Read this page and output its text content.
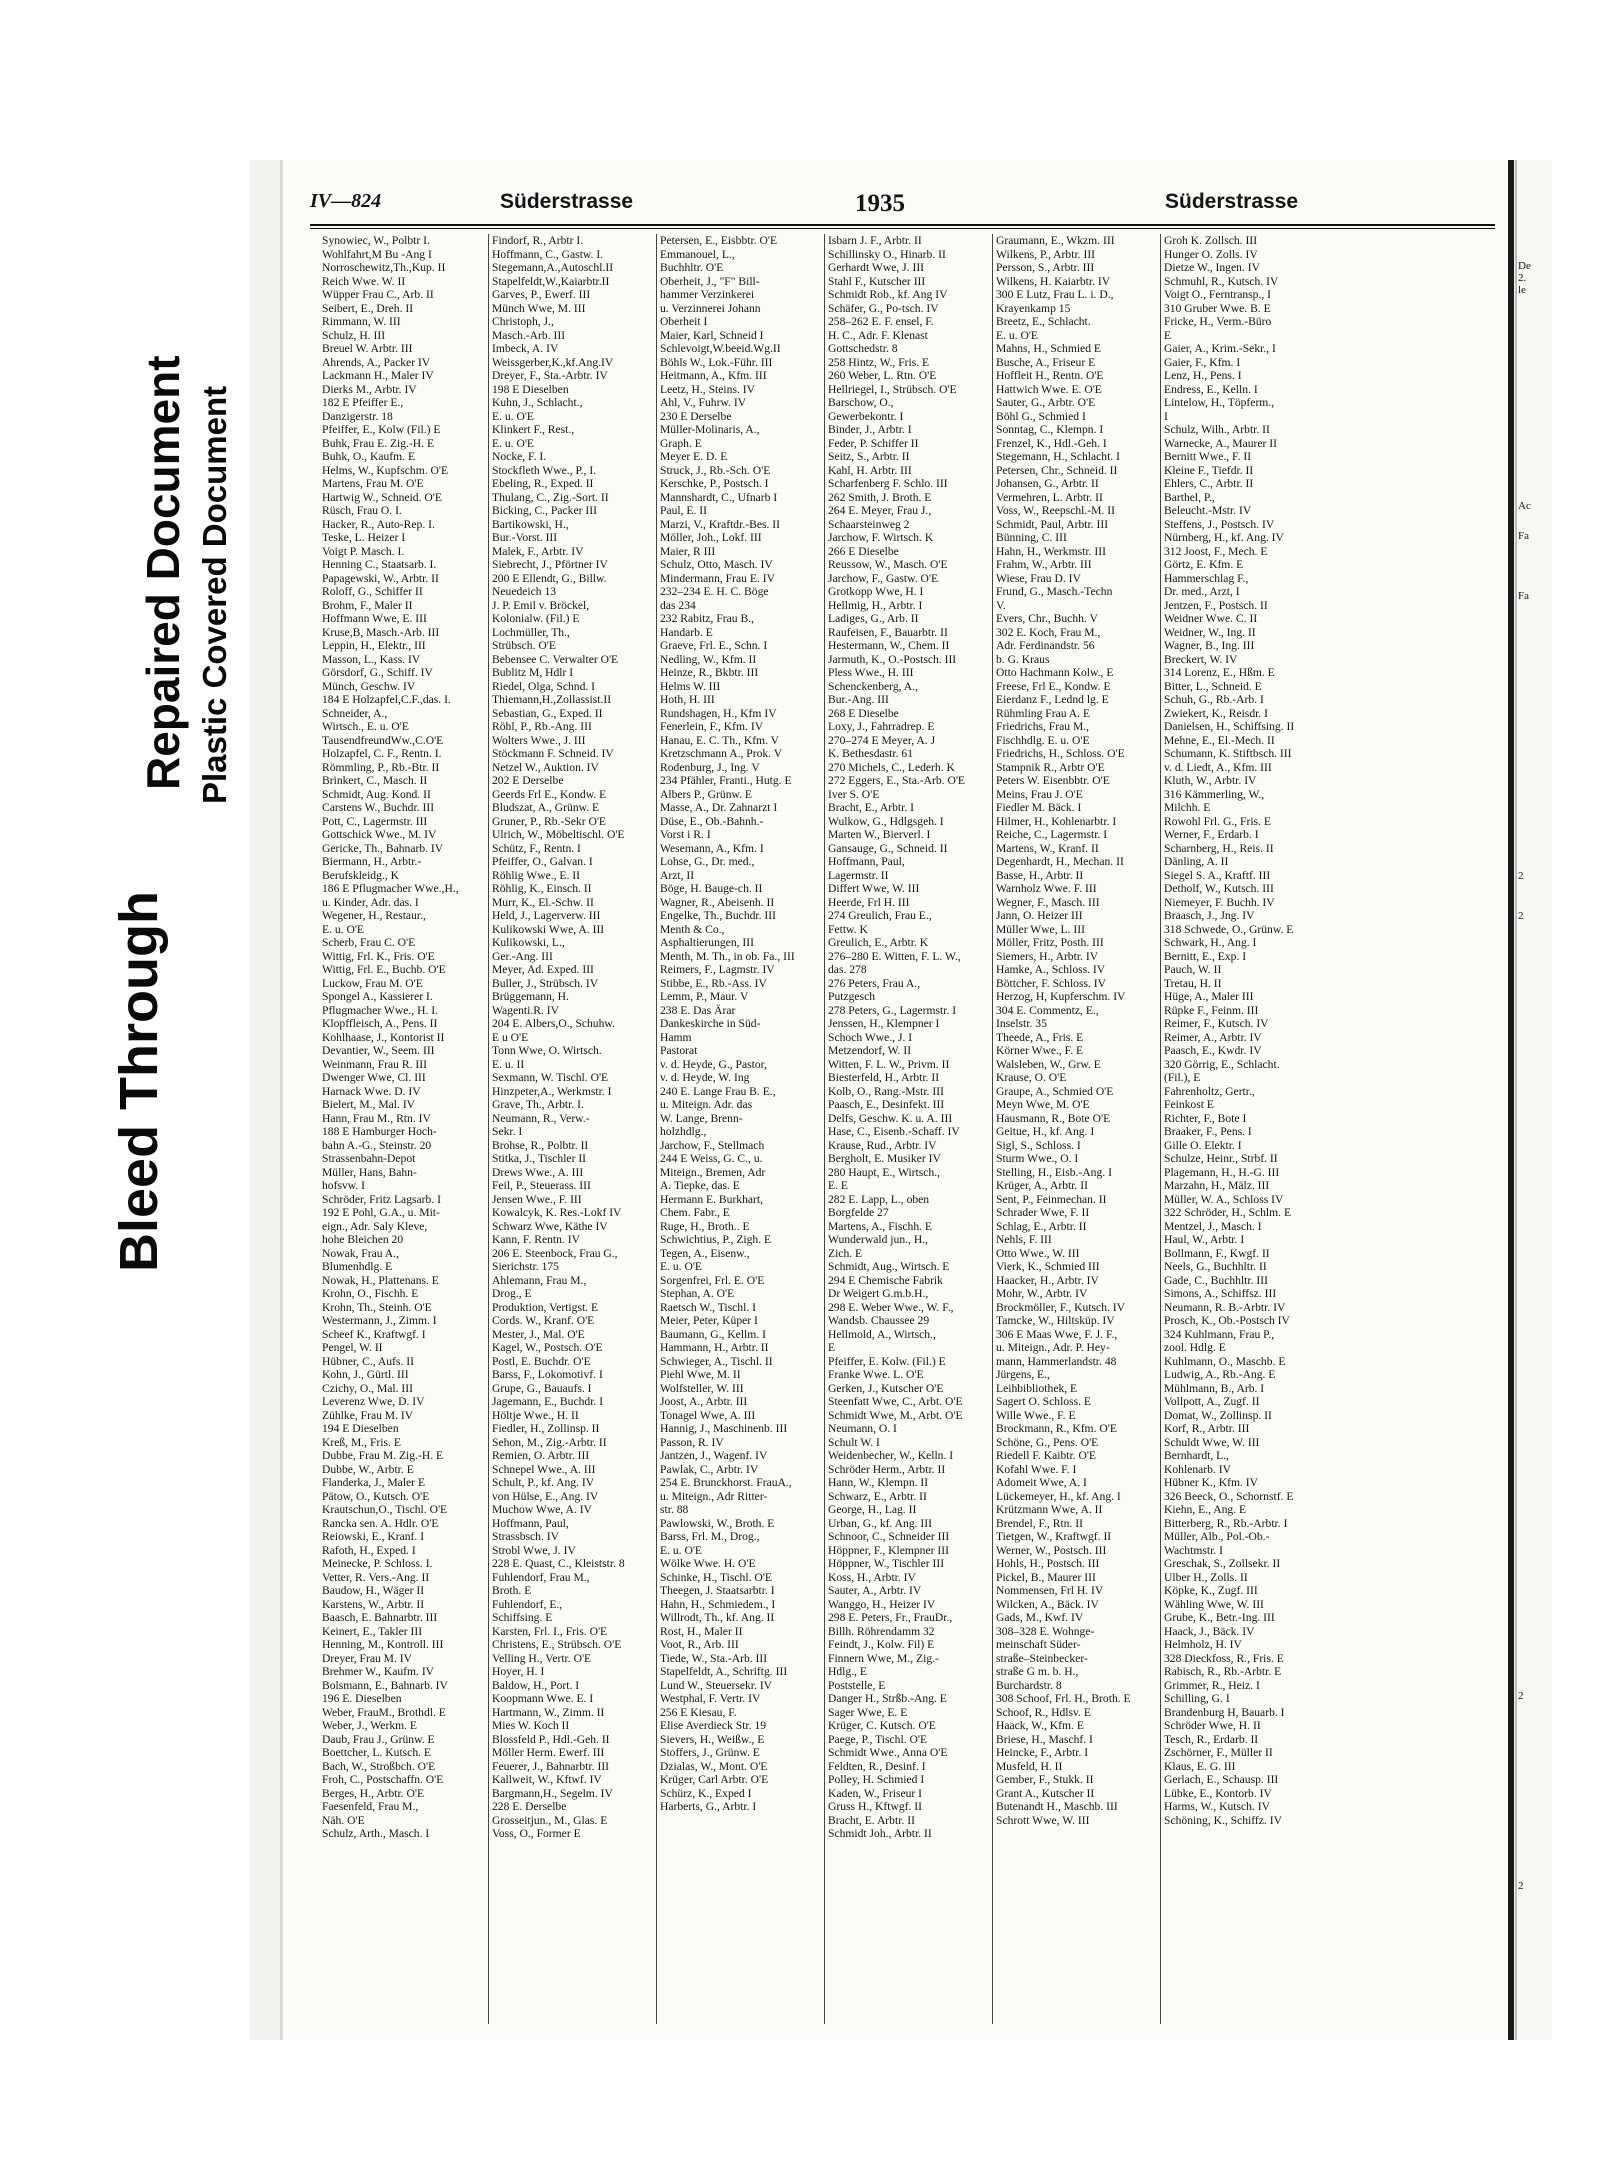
Bleed Through
Repaired Document Plastic Covered Document
De
2.
le
Ac
Fa
Fa
2
2
2
2
IV—824	Süderstrasse	1935	Süderstrasse
Synowiec, W., Polbtr I.
Wohlfahrt,M Bu -Ang I
Norroschewitz,Th.,Kup. II
Reich Wwe. W. II
Wüpper Frau C., Arb. II
Seibert, E., Dreh. II
Rimmann, W. III
Schulz, H. III
Breuel W. Arbtr. III
Ahrends, A., Packer IV
Lackmann H., Maler IV
Dierks M., Arbtr. IV
182 E Pfeiffer E.,
Danzigerstr. 18
Pfeiffer, E., Kolw (Fil.) E
Buhk, Frau E. Zig.-H. E
Buhk, O., Kaufm. E
Helms, W., Kupfschm. O'E
Martens, Frau M. O'E
Hartwig W., Schneid. O'E
Rüsch, Frau O. I.
Hacker, R., Auto-Rep. I.
Teske, L. Heizer I
Voigt P. Masch. I.
Henning C., Staatsarb. I.
Papagewski, W., Arbtr. II
Roloff, G., Schiffer II
Brohm, F., Maler II
Hoffmann Wwe, E. III
Kruse,B, Masch.-Arb. III
Leppin, H., Elektr., III
Masson, L., Kass. IV
Görsdorf, G., Schiff. IV
Münch, Geschw. IV
184 E Holzapfel,C.F.,das. I.
Schneider, A.,
Wirtsch., E. u. O'E
TausendfreundWw.,C.O'E
Holzapfel, C. F., Rentn. I.
Römmling, P., Rb.-Btr. II
Brinkert, C., Masch. II
Schmidt, Aug. Kond. II
Carstens W., Buchdr. III
Pott, C., Lagermstr. III
Gottschick Wwe., M. IV
Gericke, Th., Bahnarb. IV
Biermann, H., Arbtr.-
Berufskleidg., K
186 E Pflugmacher Wwe.,H.,
u. Kinder, Adr. das. I
Wegener, H., Restaur.,
E. u. O'E
Scherb, Frau C. O'E
Wittig, Frl. K., Fris. O'E
Wittig, Frl. E., Buchb. O'E
Luckow, Frau M. O'E
Spongel A., Kassierer I.
Pflugmacher Wwe., H. I.
Klopffleisch, A., Pens. II
Kohlhaase, J., Kontorist II
Devantier, W., Seem. III
Weinmann, Frau R. III
Dwenger Wwe, Cl. III
Harnack Wwe. D. IV
Bielert, M., Mal. IV
Hann, Frau M., Rtn. IV
188 E Hamburger Hoch-
bahn A.-G., Steinstr. 20
Strassenbahn-Depot
Müller, Hans, Bahn-
hofsvw. I
Schröder, Fritz Lagsarb. I
192 E Pohl, G.A., u. Mit-
eign., Adr. Saly Kleve,
hohe Bleichen 20
Nowak, Frau A.,
Blumenhdlg. E
Nowak, H., Plattenans. E
Krohn, O., Fischh. E
Krohn, Th., Steinh. O'E
Westermann, J., Zimm. I
Scheef K., Kraftwgf. I
Pengel, W. II
Hübner, C., Aufs. II
Kohn, J., Gürtl. III
Czichy, O., Mal. III
Leverenz Wwe, D. IV
Zühlke, Frau M. IV
194 E Dieselben
Kreß, M., Fris. E
Dubbe, Frau M. Zig.-H. E
Dubbe, W., Arbtr. E
Flanderka, J., Maler E
Pätow, O., Kutsch. O'E
Krautschun,O., Tischl. O'E
Rancka sen. A. Hdlr. O'E
Reiowski, E., Kranf. I
Rafoth, H., Exped. I
Meinecke, P. Schloss. I.
Vetter, R. Vers.-Ang. II
Baudow, H., Wäger II
Karstens, W., Arbtr. II
Baasch, E. Bahnarbtr. III
Keinert, E., Takler III
Henning, M., Kontroll. III
Dreyer, Frau M. IV
Brehmer W., Kaufm. IV
Bolsmann, E., Bahnarb. IV
196 E. Dieselben
Weber, FrauM., Brothdl. E
Weber, J., Werkm. E
Daub, Frau J., Grünw. E
Boettcher, L. Kutsch. E
Bach, W., Stroßbch. O'E
Froh, C., Postschaffn. O'E
Berges, H., Arbtr. O'E
Faesenfeld, Frau M.,
Näh. O'E
Schulz, Arth., Masch. I
Findorf, R., Arbtr I.
Hoffmann, C., Gastw. I.
Stegemann,A.,Autoschl.II
Stapelfeldt,W.,Kaiarbtr.II
Garves, P., Ewerf. III
Münch Wwe, M. III
Christoph, J.,
Masch.-Arb. III
Imbeck, A. IV
Weissgerber,K.,kf.Ang.IV
Dreyer, F., Sta.-Arbtr. IV
198 E Dieselben
Kuhn, J., Schlacht.,
E. u. O'E
Klinkert F., Rest.,
E. u. O'E
Nocke, F. I.
Stockfleth Wwe., P., I.
Ebeling, R., Exped. II
Thulang, C., Zig.-Sort. II
Bicking, C., Packer III
Bartikowski, H.,
Bur.-Vorst. III
Malek, F., Arbtr. IV
Siebrecht, J., Pförtner IV
200 E Ellendt, G., Billw.
Neuedeich 13
J. P. Emil v. Bröckel,
Kolonialw. (Fil.) E
Lochmüller, Th.,
Strübsch. O'E
Bebensee C. Verwalter O'E
Bublitz M, Hdlr I
Riedel, Olga, Schnd. I
Thiemann,H.,Zollassist.II
Sebastian, G., Exped. II
Röhl, P., Rb.-Ang. III
Wolters Wwe., J. III
Stöckmann F. Schneid. IV
Netzel W., Auktion. IV
202 E Derselbe
Geerds Frl E., Kondw. E
Bludszat, A., Grünw. E
Gruner, P., Rb.-Sekr O'E
Ulrich, W., Möbeltischl. O'E
Schütz, F., Rentn. I
Pfeiffer, O., Galvan. I
Röhlig Wwe., E. II
Röhlig, K., Einsch. II
Murr, K., El.-Schw. II
Held, J., Lagerverw. III
Kulikowski Wwe, A. III
Kulikowski, L.,
Ger.-Ang. III
Meyer, Ad. Exped. III
Buller, J., Strübsch. IV
Brüggemann, H.
Wagenti.R. IV
204 E. Albers,O., Schuhw.
E u O'E
Tonn Wwe, O. Wirtsch.
E. u. II
Sexmann, W. Tischl. O'E
Hinzpeter,A., Werkmstr. I
Grave, Th., Arbtr. I.
Neumann, R., Verw.-
Sekr. I
Brohse, R., Polbtr. II
Stitka, J., Tischler II
Drews Wwe., A. III
Feil, P., Steuerass. III
Jensen Wwe., F. III
Kowalcyk, K. Res.-Lokf IV
Schwarz Wwe, Käthe IV
Kann, F. Rentn. IV
206 E. Steenbock, Frau G.,
Sierichstr. 175
Ahlemann, Frau M.,
Drog., E
Produktion, Vertigst. E
Cords. W., Kranf. O'E
Mester, J., Mal. O'E
Kagel, W., Postsch. O'E
Postl, E. Buchdr. O'E
Barss, F., Lokomotivf. I
Grupe, G., Bauaufs. I
Jagemann, E., Buchdr. I
Höltje Wwe., H. II
Fiedler, H., Zollinsp. II
Sehon, M., Zig.-Arbtr. II
Remien, O. Arbtr. III
Schnepel Wwe., A. III
Schult, P., kf. Ang. IV
von Hülse, E., Ang. IV
Muchow Wwe, A. IV
Hoffmann, Paul,
Strassbsch. IV
Strobl Wwe, J. IV
228 E. Quast, C., Kleiststr. 8
Fuhlendorf, Frau M.,
Broth. E
Fuhlendorf, E.,
Schiffsing. E
Karsten, Frl. I., Fris. O'E
Christens, E., Strübsch. O'E
Velling H., Vertr. O'E
Hoyer, H. I
Baldow, H., Port. I
Koopmann Wwe. E. I
Hartmann, W., Zimm. II
Mies W. Koch II
Blossfeld P., Hdl.-Geh. II
Möller Herm. Ewerf. III
Feuerer, J., Bahnarbtr. III
Kallweit, W., Kftwf. IV
Bargmann,H., Segelm. IV
228 E. Derselbe
Grosseitjun., M., Glas. E
Voss, O., Former E
Petersen, E., Eisbbtr. O'E
Emmanouel, L.,
Buchhltr. O'E
Oberheit, J., "F" Bill-
hammer Verzinkerei
u. Verzinnerei Johann
Oberheit I
Maier, Karl, Schneid I
Schlevoigt,W.beeid.Wg.II
Böhls W., Lok.-Führ. III
Heitmann, A., Kfm. III
Leetz, H., Steins. IV
Ahl, V., Fuhrw. IV
230 E Derselbe
Müller-Molinaris, A.,
Graph. E
Meyer E. D. E
Struck, J., Rb.-Sch. O'E
Kerschke, P., Postsch. I
Mannshardt, C., Ufnarb I
Paul, E. II
Marzi, V., Kraftdr.-Bes. II
Möller, Joh., Lokf. III
Maier, R III
Schulz, Otto, Masch. IV
Mindermann, Frau E. IV
232–234 E. H. C. Böge
das 234
232 Rabitz, Frau B.,
Handarb. E
Graeve, Frl. E., Schn. I
Nedling, W., Kfm. II
Heinze, R., Bkbtr. III
Helms W. III
Hoth, H. III
Rundshagen, H., Kfm IV
Fenerlein, F., Kfm. IV
Hanau, E. C. Th., Kfm. V
Kretzschmann A., Prok. V
Rodenburg, J., Ing. V
234 Pfähler, Franti., Hutg. E
Albers P., Grünw. E
Masse, A., Dr. Zahnarzt I
Düse, E., Ob.-Bahnh.-
Vorst i R. I
Wesemann, A., Kfm. I
Lohse, G., Dr. med.,
Arzt, II
Böge, H. Bauge-ch. II
Wagner, R., Abeisenh. II
Engelke, Th., Buchdr. III
Menth & Co.,
Asphaltierungen, III
Menth, M. Th., in ob. Fa., III
Reimers, F., Lagmstr. IV
Stibbe, E., Rb.-Ass. IV
Lemm, P., Maur. V
238 E. Das Ärar
Dankeskirche in Süd-
Hamm
Pastorat
v. d. Heyde, G., Pastor,
v. d. Heyde, W. Ing
240 E. Lange Frau B. E.,
u. Miteign. Adr. das
W. Lange, Brenn-
holzhdlg.,
Jarchow, F., Stellmach
244 E Weiss, G. C., u.
Miteign., Bremen, Adr
A. Tiepke, das. E
Hermann E. Burkhart,
Chem. Fabr., E
Ruge, H., Broth.. E
Schwichtius, P., Zigh. E
Tegen, A., Eisenw.,
E. u. O'E
Sorgenfrei, Frl. E. O'E
Stephan, A. O'E
Raetsch W., Tischl. I
Meier, Peter, Küper I
Baumann, G., Kellm. I
Hammann, H., Arbtr. II
Schwieger, A., Tischl. II
Piehl Wwe, M. II
Wolfsteller, W. III
Joost, A., Arbtr. III
Tonagel Wwe, A. III
Hannig, J., Maschinenb. III
Passon, R. IV
Jantzen, J., Wagenf. IV
Pawlak, C., Arbtr. IV
254 E. Brunckhorst. FrauA.,
u. Miteign., Adr Ritter-
str. 88
Pawlowski, W., Broth. E
Barss, Frl. M., Drog.,
E. u. O'E
Wölke Wwe. H. O'E
Schinke, H., Tischl. O'E
Theegen, J. Staatsarbtr. I
Hahn, H., Schmiedem., I
Willrodt, Th., kf. Ang. II
Rost, H., Maler II
Voot, R., Arb. III
Tiede, W., Sta.-Arb. III
Stapelfeldt, A., Schriftg. III
Lund W., Steuersekr. IV
Westphal, F. Vertr. IV
256 E Kiesau, F.
Elise Averdieck Str. 19
Sievers, H., Weißw., E
Stoffers, J., Grünw. E
Dzialas, W., Mont. O'E
Krüger, Carl Arbtr. O'E
Schürz, K., Exped I
Harberts, G., Arbtr. I
Isbarn J. F., Arbtr. II
Schillinsky O., Hinarb. II
Gerhardt Wwe, J. III
Stahl F., Kutscher III
Schmidt Rob., kf. Ang IV
Schäfer, G., Po-tsch. IV
258–262 E. F. ensel, F.
H. C., Adr. F. Klenast
Gottschedstr. 8
258 Hintz, W., Fris. E
260 Weber, L. Rtn. O'E
Hellriegel, I., Strübsch. O'E
Barschow, O.,
Gewerbekontr. I
Binder, J., Arbtr. I
Feder, P. Schiffer II
Seitz, S., Arbtr. II
Kahl, H. Arbtr. III
Scharfenberg F. Schlo. III
262 Smith, J. Broth. E
264 E. Meyer, Frau J.,
Schaarsteinweg 2
Jarchow, F. Wirtsch. K
266 E Dieselbe
Reussow, W., Masch. O'E
Jarchow, F., Gastw. O'E
Grotkopp Wwe, H. I
Hellmig, H., Arbtr. I
Ladiges, G., Arb. II
Raufeisen, F., Bauarbtr. II
Hestermann, W., Chem. II
Jarmuth, K., O.-Postsch. III
Pless Wwe., H. III
Schenckenberg, A.,
Bur.-Ang. III
268 E Dieselbe
Loxy, J., Fahrradrep. E
270–274 E Meyer, A. J
K. Bethesdastr. 61
270 Michels, C., Lederh. K
272 Eggers, E., Sta.-Arb. O'E
Iver S. O'E
Bracht, E., Arbtr. I
Wulkow, G., Hdlgsgeh. I
Marten W., Bierverl. I
Gansauge, G., Schneid. II
Hoffmann, Paul,
Lagermstr. II
Differt Wwe, W. III
Heerde, Frl H. III
274 Greulich, Frau E.,
Fettw. K
Greulich, E., Arbtr. K
276–280 E. Witten, F. L. W.,
das. 278
276 Peters, Frau A.,
Putzgesch
278 Peters, G., Lagermstr. I
Jenssen, H., Klempner I
Schoch Wwe., J. I
Metzendorf, W. II
Witten, F. L. W., Privm. II
Biesterfeld, H., Arbtr. II
Kolb, O., Rang.-Mstr. III
Paasch, E., Desinfekt. III
Delfs, Geschw. K. u. A. III
Hase, C., Eisenb.-Schaff. IV
Krause, Rud., Arbtr. IV
Bergholt, E. Musiker IV
280 Haupt, E., Wirtsch.,
E. E
282 E. Lapp, L., oben
Borgfelde 27
Martens, A., Fischh. E
Wunderwald jun., H.,
Zich. E
Schmidt, Aug., Wirtsch. E
294 E Chemische Fabrik
Dr Weigert G.m.b.H.,
298 E. Weber Wwe., W. F.,
Wandsb. Chaussee 29
Hellmold, A., Wirtsch.,
E
Pfeiffer, E. Kolw. (Fil.) E
Franke Wwe. L. O'E
Gerken, J., Kutscher O'E
Steenfatt Wwe, C., Arbt. O'E
Schmidt Wwe, M., Arbt. O'E
Neumann, O. I
Schult W. I
Weidenbecher, W., Kelln. I
Schröder Herm., Arbtr. II
Hann, W., Klempn. II
Schwarz, E., Arbtr. II
George, H., Lag. II
Urban, G., kf. Ang. III
Schnoor, C., Schneider III
Höppner, F., Klempner III
Höppner, W., Tischler III
Koss, H., Arbtr. IV
Sauter, A., Arbtr. IV
Wanggo, H., Heizer IV
298 E. Peters, Fr., FrauDr.,
Billh. Röhrendamm 32
Feindt, J., Kolw. Fil) E
Finnern Wwe, M., Zig.-
Hdlg., E
Poststelle, E
Danger H., Strßb.-Ang. E
Sager Wwe, E. E
Krüger, C. Kutsch. O'E
Paege, P., Tischl. O'E
Schmidt Wwe., Anna O'E
Feldten, R., Desinf. I
Polley, H. Schmied I
Kaden, W., Friseur I
Gruss H., Kftwgf. II
Bracht, E. Arbtr. II
Schmidt Joh., Arbtr. II
Graumann, E., Wkzm. III
Wilkens, P., Arbtr. III
Persson, S., Arbtr. III
Wilkens, H. Kaiarbtr. IV
300 E Lutz, Frau L. i. D.,
Krayenkamp 15
Breetz, E., Schlacht.
E. u. O'E
Mahns, H., Schmied E
Busche, A., Friseur E
Hoffleit H., Rentn. O'E
Hattwich Wwe. E. O'E
Sauter, G., Arbtr. O'E
Böhl G., Schmied I
Sonntag, C., Klempn. I
Frenzel, K., Hdl.-Geh. I
Stegemann, H., Schlacht. I
Petersen, Chr., Schneid. II
Johansen, G., Arbtr. II
Vermehren, L. Arbtr. II
Voss, W., Reepschl.-M. II
Schmidt, Paul, Arbtr. III
Bünning, C. III
Hahn, H., Werkmstr. III
Frahm, W., Arbtr. III
Wiese, Frau D. IV
Frund, G., Masch.-Techn
V.
Evers, Chr., Buchh. V
302 E. Koch, Frau M.,
Adr. Ferdinandstr. 56
b. G. Kraus
Otto Hachmann Kolw., E
Freese, Frl E., Kondw. E
Eierdanz F., Lednd lg. E
Rühmling Frau A. E
Friedrichs, Frau M.,
Fischhdlg. E. u. O'E
Friedrichs, H., Schloss. O'E
Stampnik R., Arbtr O'E
Peters W. Eisenbbtr. O'E
Meins, Frau J. O'E
Fiedler M. Bäck. I
Hilmer, H., Kohlenarbtr. I
Reiche, C., Lagermstr. I
Martens, W., Kranf. II
Degenhardt, H., Mechan. II
Basse, H., Arbtr. II
Warnholz Wwe. F. III
Wegner, F., Masch. III
Jann, O. Heizer III
Müller Wwe, L. III
Möller, Fritz, Posth. III
Siemers, H., Arbtr. IV
Hamke, A., Schloss. IV
Böttcher, F. Schloss. IV
Herzog, H, Kupferschm. IV
304 E. Commentz, E.,
Inselstr. 35
Theede, A., Fris. E
Körner Wwe., F. E
Walsleben, W., Grw. E
Krause, O. O'E
Graupe, A., Schmied O'E
Meyn Wwe, M. O'E
Hausmann, R., Bote O'E
Geitue, H., kf. Ang. I
Sigl, S., Schloss. I
Sturm Wwe., O. I
Stelling, H., Eisb.-Ang. I
Krüger, A., Arbtr. II
Sent, P., Feinmechan. II
Schrader Wwe, F. II
Schlag, E., Arbtr. II
Nehls, F. III
Otto Wwe., W. III
Vierk, K., Schmied III
Haacker, H., Arbtr. IV
Mohr, W., Arbtr. IV
Brockmöller, F., Kutsch. IV
Tamcke, W., Hiltsküp. IV
306 E Maas Wwe, F. J. F.,
u. Miteign., Adr. P. Hey-
mann, Hammerlandstr. 48
Jürgens, E.,
Leihbibliothek, E
Sagert O. Schloss. E
Wille Wwe., F. E
Brockmann, R., Kfm. O'E
Schöne, G., Pens. O'E
Riedell F. Kaibtr. O'E
Kofahl Wwe. F. I
Adomeit Wwe, A. I
Lückemeyer, H., kf. Ang. I
Krützmann Wwe, A. II
Brendel, F., Rtn. II
Tietgen, W., Kraftwgf. II
Werner, W., Postsch. III
Hohls, H., Postsch. III
Pickel, B., Maurer III
Nommensen, Frl H. IV
Wilcken, A., Bäck. IV
Gads, M., Kwf. IV
308–328 E. Wohnge-
meinschaft Süder-
straße–Steinbecker-
straße G m. b. H.,
Burchardstr. 8
308 Schoof, Frl. H., Broth. E
Schoof, R., Hdlsv. E
Haack, W., Kfm. E
Briese, H., Maschf. I
Heincke, F., Arbtr. I
Musfeld, H. II
Gember, F., Stukk. II
Grant A., Kutscher II
Butenandt H., Maschb. III
Schrott Wwe, W. III
Groh K. Zollsch. III
Hunger O. Zolls. IV
Dietze W., Ingen. IV
Schmuhl, R., Kutsch. IV
Voigt O., Ferntransp., I
310 Gruber Wwe. B. E
Fricke, H., Verm.-Büro
E
Gaier, A., Krim.-Sekr., I
Gaier, F., Kfm. I
Lenz, H., Pens. I
Endress, E., Kelln. I
Lintelow, H., Töpferm.,
I
Schulz, Wilh., Arbtr. II
Warnecke, A., Maurer II
Bernitt Wwe., F. II
Kleine F., Tiefdr. II
Ehlers, C., Arbtr. II
Barthel, P.,
Beleucht.-Mstr. IV
Steffens, J., Postsch. IV
Nürnberg, H., kf. Ang. IV
312 Joost, F., Mech. E
Görtz, E. Kfm. E
Hammerschlag F.,
Dr. med., Arzt, I
Jentzen, F., Postsch. II
Weidner Wwe. C. II
Weidner, W., Ing. II
Wagner, B., Ing. III
Breckert, W. IV
314 Lorenz, E., Hßm. E
Bitter, L., Schneid. E
Schuh, G., Rb.-Arb. I
Zwiekert, K., Reisdr. I
Danielsen, H., Schiffsing. II
Mehne, E., El.-Mech. II
Schumann, K. Stiftbsch. III
v. d. Liedt, A., Kfm. III
Kluth, W., Arbtr. IV
316 Kämmerling, W.,
Milchh. E
Rowohl Frl. G., Fris. E
Werner, F., Erdarb. I
Scharnberg, H., Reis. II
Dänling, A. II
Siegel S. A., Kraftf. III
Detholf, W., Kutsch. III
Niemeyer, F. Buchh. IV
Braasch, J., Jng. IV
318 Schwede, O., Grünw. E
Schwark, H., Ang. I
Bernitt, E., Exp. I
Pauch, W. II
Tretau, H. II
Hüge, A., Maler III
Rüpke F., Feinm. III
Reimer, F., Kutsch. IV
Reimer, A., Arbtr. IV
Paasch, E., Kwdr. IV
320 Görrig, E., Schlacht.
(Fil.), E
Fahrenholtz, Gertr.,
Feinkost E
Richter, F., Bote I
Braaker, F., Pens. I
Gille O. Elektr. I
Schulze, Heinr., Strbf. II
Plagemann, H., H.-G. III
Marzahn, H., Mälz. III
Müller, W. A., Schloss IV
322 Schröder, H., Schlm. E
Mentzel, J., Masch. I
Haul, W., Arbtr. I
Bollmann, F., Kwgf. II
Neels, G., Buchhltr. II
Gade, C., Buchhltr. III
Simons, A., Schiffsz. III
Neumann, R. B.-Arbtr. IV
Prosch, K., Ob.-Postsch IV
324 Kuhlmann, Frau P.,
zool. Hdlg. E
Kuhlmann, O., Maschb. E
Ludwig, A., Rb.-Ang. E
Mühlmann, B., Arb. I
Vollpott, A., Zugf. II
Domat, W., Zollinsp. II
Korf, R., Arbtr. III
Schuldt Wwe, W. III
Bernhardt, L.,
Kohlenarb. IV
Hübner K., Kfm. IV
326 Beeck, O., Schornstf. E
Kiehn, E., Ang. E
Bitterberg, R., Rb.-Arbtr. I
Müller, Alb., Pol.-Ob.-
Wachtmstr. I
Greschak, S., Zollsekr. II
Ulber H., Zolls. II
Köpke, K., Zugf. III
Wähling Wwe, W. III
Grube, K., Betr.-Ing. III
Haack, J., Bäck. IV
Helmholz, H. IV
328 Dieckfoss, R., Fris. E
Rabisch, R., Rb.-Arbtr. E
Grimmer, R., Heiz. I
Schilling, G. I
Brandenburg H, Bauarb. I
Schröder Wwe, H. II
Tesch, R., Erdarb. II
Zschörner, F., Müller II
Klaus, E. G. III
Gerlach, E., Schausp. III
Lübke, E., Kontorb. IV
Harms, W., Kutsch. IV
Schöning, K., Schiffz. IV
